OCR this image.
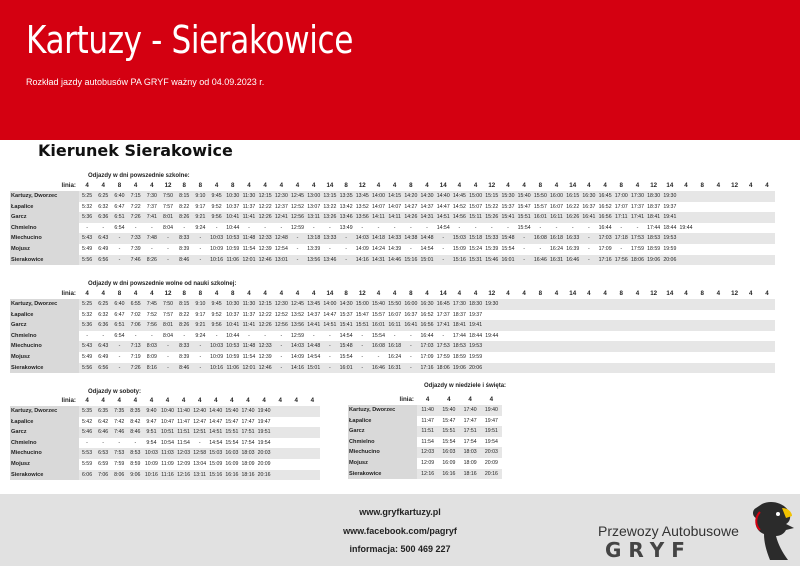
Kartuzy - Sierakowice
Rozkład jazdy autobusów PA GRYF ważny od 04.09.2023 r.
Kierunek Sierakowice
Odjazdy w dni powszednie szkolne:
linia:	4	4	8	4	4	12	8	8	4	8	4	4	4	4	4	14	8	12	4	4	8	4	14	4	4	12	4	4	8	4	14	4	4	8	4	12	14	4	8	4	12	4	4
Kartuzy, Dworzec	5:25	6:25	6:40	7:15	7:30	7:50	8:15	9:10	9:45	10:30	11:30	12:15	12:30	12:45	13:00	13:15	13:35	13:45	14:00	14:15	14:20	14:30	14:40	14:45	15:00	15:15	15:30	15:40	15:50	16:00	16:15	16:30	16:45	17:00	17:30	18:30	19:30						
Łapalice	5:32	6:32	6:47	7:22	7:37	7:57	8:22	9:17	9:52	10:37	11:37	12:22	12:37	12:52	13:07	13:22	13:42	13:52	14:07	14:07	14:27	14:37	14:47	14:52	15:07	15:22	15:37	15:47	15:57	16:07	16:22	16:37	16:52	17:07	17:37	18:37	19:37						
Garcz	5:36	6:36	6:51	7:26	7:41	8:01	8:26	9:21	9:56	10:41	11:41	12:26	12:41	12:56	13:11	13:26	13:46	13:56	14:11	14:11	14:26	14:31	14:51	14:56	15:11	15:26	15:41	15:51	16:01	16:11	16:26	16:41	16:56	17:11	17:41	18:41	19:41						
Chmielno	-	-	6:54	-	-	8:04	-	9:24	-	10:44	-	-	-	12:59	-	-	13:49	-	-	-	-	-	14:54	-	-	-	-	15:54	-	-	-	-	16:44	-	-	17:44	18:44	19:44					
Miechucino	5:43	6:43	-	7:33	7:48	-	8:33	-	10:03	10:53	11:48	12:33	12:48	-	13:18	13:33	-	14:03	14:18	14:33	14:38	14:48	-	15:03	15:18	15:33	15:48	-	16:08	16:18	16:33	-	17:03	17:18	17:53	18:53	19:53						
Mojusz	5:49	6:49	-	7:39	-	-	8:39	-	10:09	10:59	11:54	12:39	12:54	-	13:39	-	-	14:09	14:24	14:39	-	14:54	-	15:09	15:24	15:39	15:54	-	-	16:24	16:39	-	17:09	-	17:59	18:59	19:59						
Sierakowice	5:56	6:56	-	7:46	8:26	-	8:46	-	10:16	11:06	12:01	12:46	13:01	-	13:56	13:46	-	14:16	14:31	14:46	15:16	15:01	-	15:16	15:31	15:46	16:01	-	16:46	16:31	16:46	-	17:16	17:56	18:06	19:06	20:06						
Odjazdy w dni powszednie wolne od nauki szkolnej:
linia:	4	4	8	4	4	12	8	8	4	8	4	4	4	4	4	14	8	12	4	4	8	4	14	4	4	12	4	4	8	4	14	4	4	8	4	12	14	4	8	4	12	4	4
Kartuzy, Dworzec	5:25	6:25	6:40	6:55	7:45	7:50	8:15	9:10	9:45	10:30	11:30	12:15	12:30	12:45	13:45	14:00	14:30	15:00	15:40	15:50	16:00	16:30	16:45	17:30	18:30	19:30																	
Łapalice	5:32	6:32	6:47	7:02	7:52	7:57	8:22	9:17	9:52	10:37	11:37	12:22	12:52	13:52	14:37	14:47	15:37	15:47	15:57	16:07	16:37	16:52	17:37	18:37	19:37																		
Garcz	5:36	6:36	6:51	7:06	7:56	8:01	8:26	9:21	9:56	10:41	11:41	12:26	12:56	13:56	14:41	14:51	15:41	15:51	16:01	16:11	16:41	16:56	17:41	18:41	19:41																		
Chmielno	-	-	6:54	-	-	8:04	-	9:24	-	10:44	-	-	-	12:59	-	-	14:54	-	15:54	-	-	16:44	-	17:44	18:44	19:44																	
Miechucino	5:43	6:43	-	7:13	8:03	-	8:33	-	10:03	10:53	11:48	12:33	-	14:03	14:48	-	15:48	-	16:08	16:18	-	17:03	17:53	18:53	19:53																		
Mojusz	5:49	6:49	-	7:19	8:09	-	8:39	-	10:09	10:59	11:54	12:39	-	14:09	14:54	-	15:54	-	-	16:24	-	17:09	17:59	18:59	19:59																		
Sierakowice	5:56	6:56	-	7:26	8:16	-	8:46	-	10:16	11:06	12:01	12:46	-	14:16	15:01	-	16:01	-	16:46	16:31	-	17:16	18:06	19:06	20:06																		
Odjazdy w soboty:
linia:	4	4	4	4	4	4	4	4	4	4	4	4	4	4	4
Kartuzy, Dworzec	5:35	6:35	7:35	8:35	9:40	10:40	11:40	12:40	14:40	15:40	17:40	19:40			
Łapalice	5:42	6:42	7:42	8:42	9:47	10:47	11:47	12:47	14:47	15:47	17:47	19:47			
Garcz	5:46	6:46	7:46	8:46	9:51	10:51	11:51	12:51	14:51	15:51	17:51	19:51			
Chmielno	-	-	-	-	9:54	10:54	11:54	-	14:54	15:54	17:54	19:54			
Miechucino	5:53	6:53	7:53	8:53	10:03	11:03	12:03	12:58	15:03	16:03	18:03	20:03			
Mojusz	5:59	6:59	7:59	8:59	10:09	11:09	12:09	13:04	15:09	16:09	18:09	20:09			
Sierakowice	6:06	7:06	8:06	9:06	10:16	11:16	12:16	13:11	15:16	16:16	18:16	20:16			
Odjazdy w niedziele i święta:
linia:	4	4	4	4
Kartuzy, Dworzec	11:40	15:40	17:40	19:40
Łapalice	11:47	15:47	17:47	19:47
Garcz	11:51	15:51	17:51	19:51
Chmielno	11:54	15:54	17:54	19:54
Miechucino	12:03	16:03	18:03	20:03
Mojusz	12:09	16:09	18:09	20:09
Sierakowice	12:16	16:16	18:16	20:16
www.gryfkartuzy.pl
www.facebook.com/pagryf
informacja: 500 469 227
Przewozy Autobusowe
GRYF
